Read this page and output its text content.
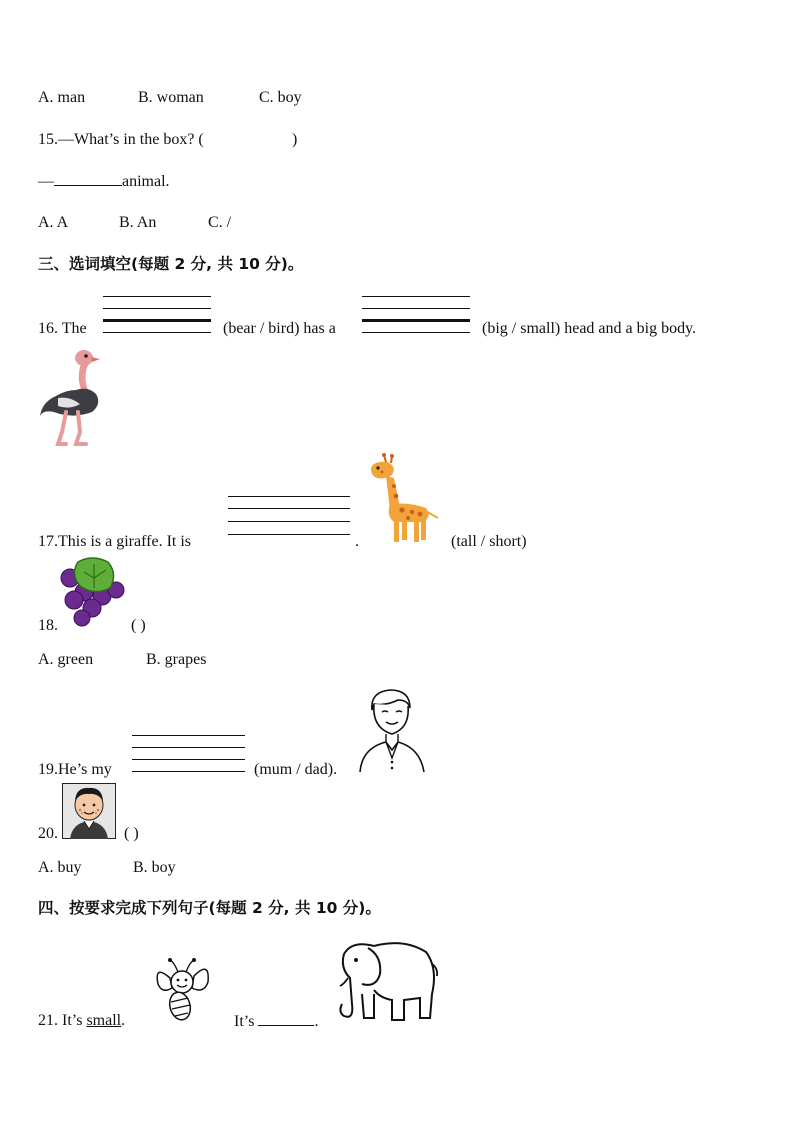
A. man	B. woman	C. boy
15.—What’s in the box? (	)
—	animal.
A. A	B. An	C. /
三、选词填空(每题 2 分, 共 10 分)。
16. The	(bear / bird) has a	(big / small) head and a big body.
17.This is a giraffe. It is	.	(tall / short)
18.	( )
A. green	B. grapes
19.He’s my	(mum / dad).
20.	( )
A. buy	B. boy
四、按要求完成下列句子(每题 2 分, 共 10 分)。
21. It’s small.	It’s	.
